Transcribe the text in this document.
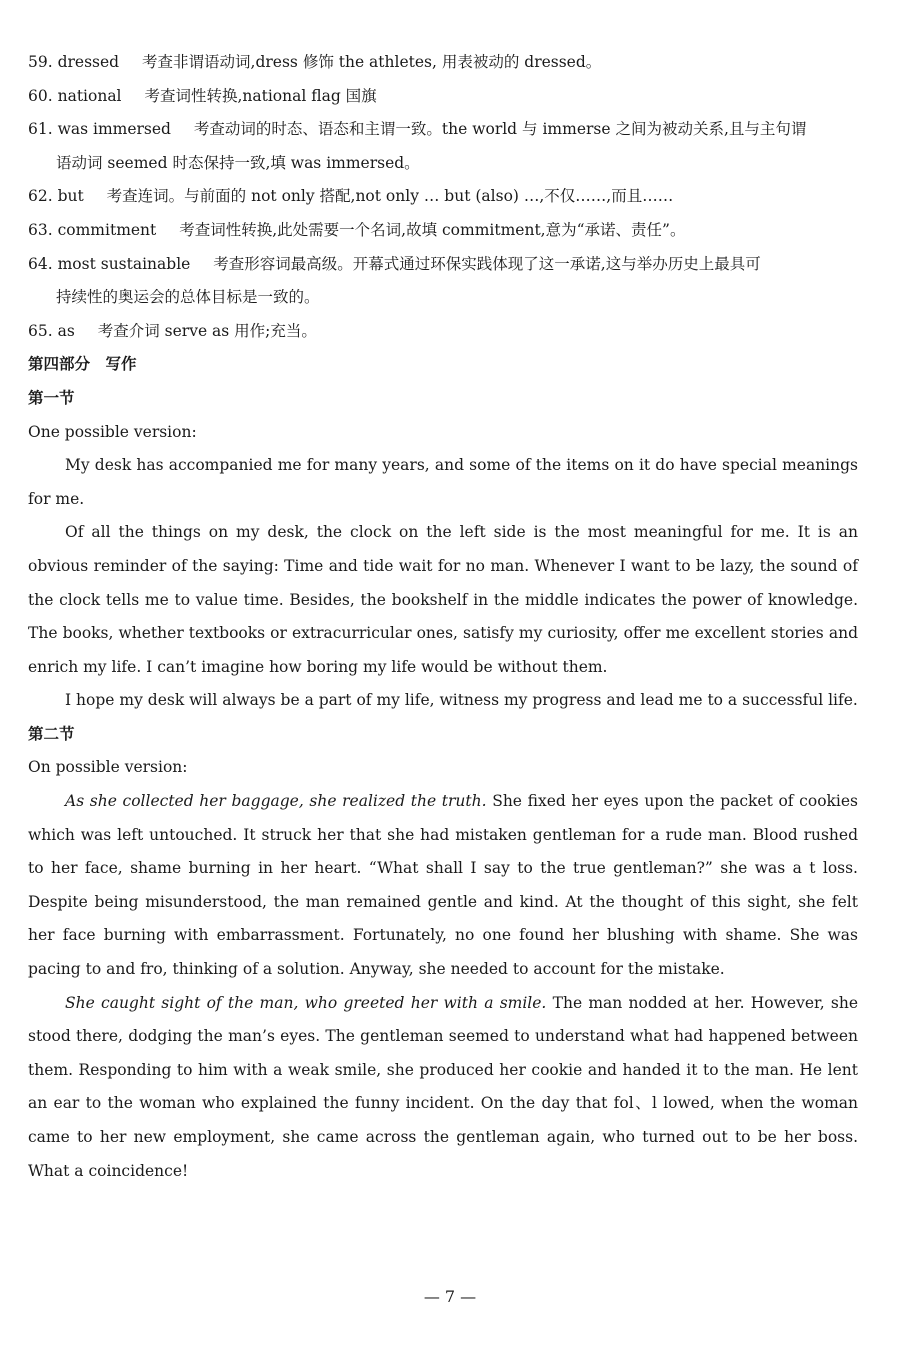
59. dressed 考查非谓语动词,dress 修饰 the athletes, 用表被动的 dressed。
60. national 考查词性转换,national flag 国旗
61. was immersed 考查动词的时态、语态和主谓一致。the world 与 immerse 之间为被动关系,且与主句谓
语动词 seemed 时态保持一致,填 was immersed。
62. but 考查连词。与前面的 not only 搭配,not only … but (also) …,不仅……,而且……
63. commitment 考查词性转换,此处需要一个名词,故填 commitment,意为“承诺、责任”。
64. most sustainable 考查形容词最高级。开幕式通过环保实践体现了这一承诺,这与举办历史上最具可
持续性的奥运会的总体目标是一致的。
65. as 考查介词 serve as 用作;充当。
第四部分　写作
第一节
One possible version:

My desk has accompanied me for many years, and some of the items on it do have special meanings for me.

Of all the things on my desk, the clock on the left side is the most meaningful for me. It is an obvious reminder of the saying: Time and tide wait for no man. Whenever I want to be lazy, the sound of the clock tells me to value time. Besides, the bookshelf in the middle indicates the power of knowledge. The books, whether textbooks or extracurricular ones, satisfy my curiosity, offer me excellent stories and enrich my life. I can’t imagine how boring my life would be without them.

I hope my desk will always be a part of my life, witness my progress and lead me to a successful life.

第二节
On possible version:

As she collected her baggage, she realized the truth. She fixed her eyes upon the packet of cookies which was left untouched. It struck her that she had mistaken gentleman for a rude man. Blood rushed to her face, shame burning in her heart. “What shall I say to the true gentleman?” she was a t loss. Despite being misunderstood, the man remained gentle and kind. At the thought of this sight, she felt her face burning with embarrassment. Fortunately, no one found her blushing with shame. She was pacing to and fro, thinking of a solution. Anyway, she needed to account for the mistake.

She caught sight of the man, who greeted her with a smile. The man nodded at her. However, she stood there, dodging the man’s eyes. The gentleman seemed to understand what had happened between them. Responding to him with a weak smile, she produced her cookie and handed it to the man. He lent an ear to the woman who explained the funny incident. On the day that fol、l lowed, when the woman came to her new employment, she came across the gentleman again, who turned out to be her boss. What a coincidence!

— 7 —
